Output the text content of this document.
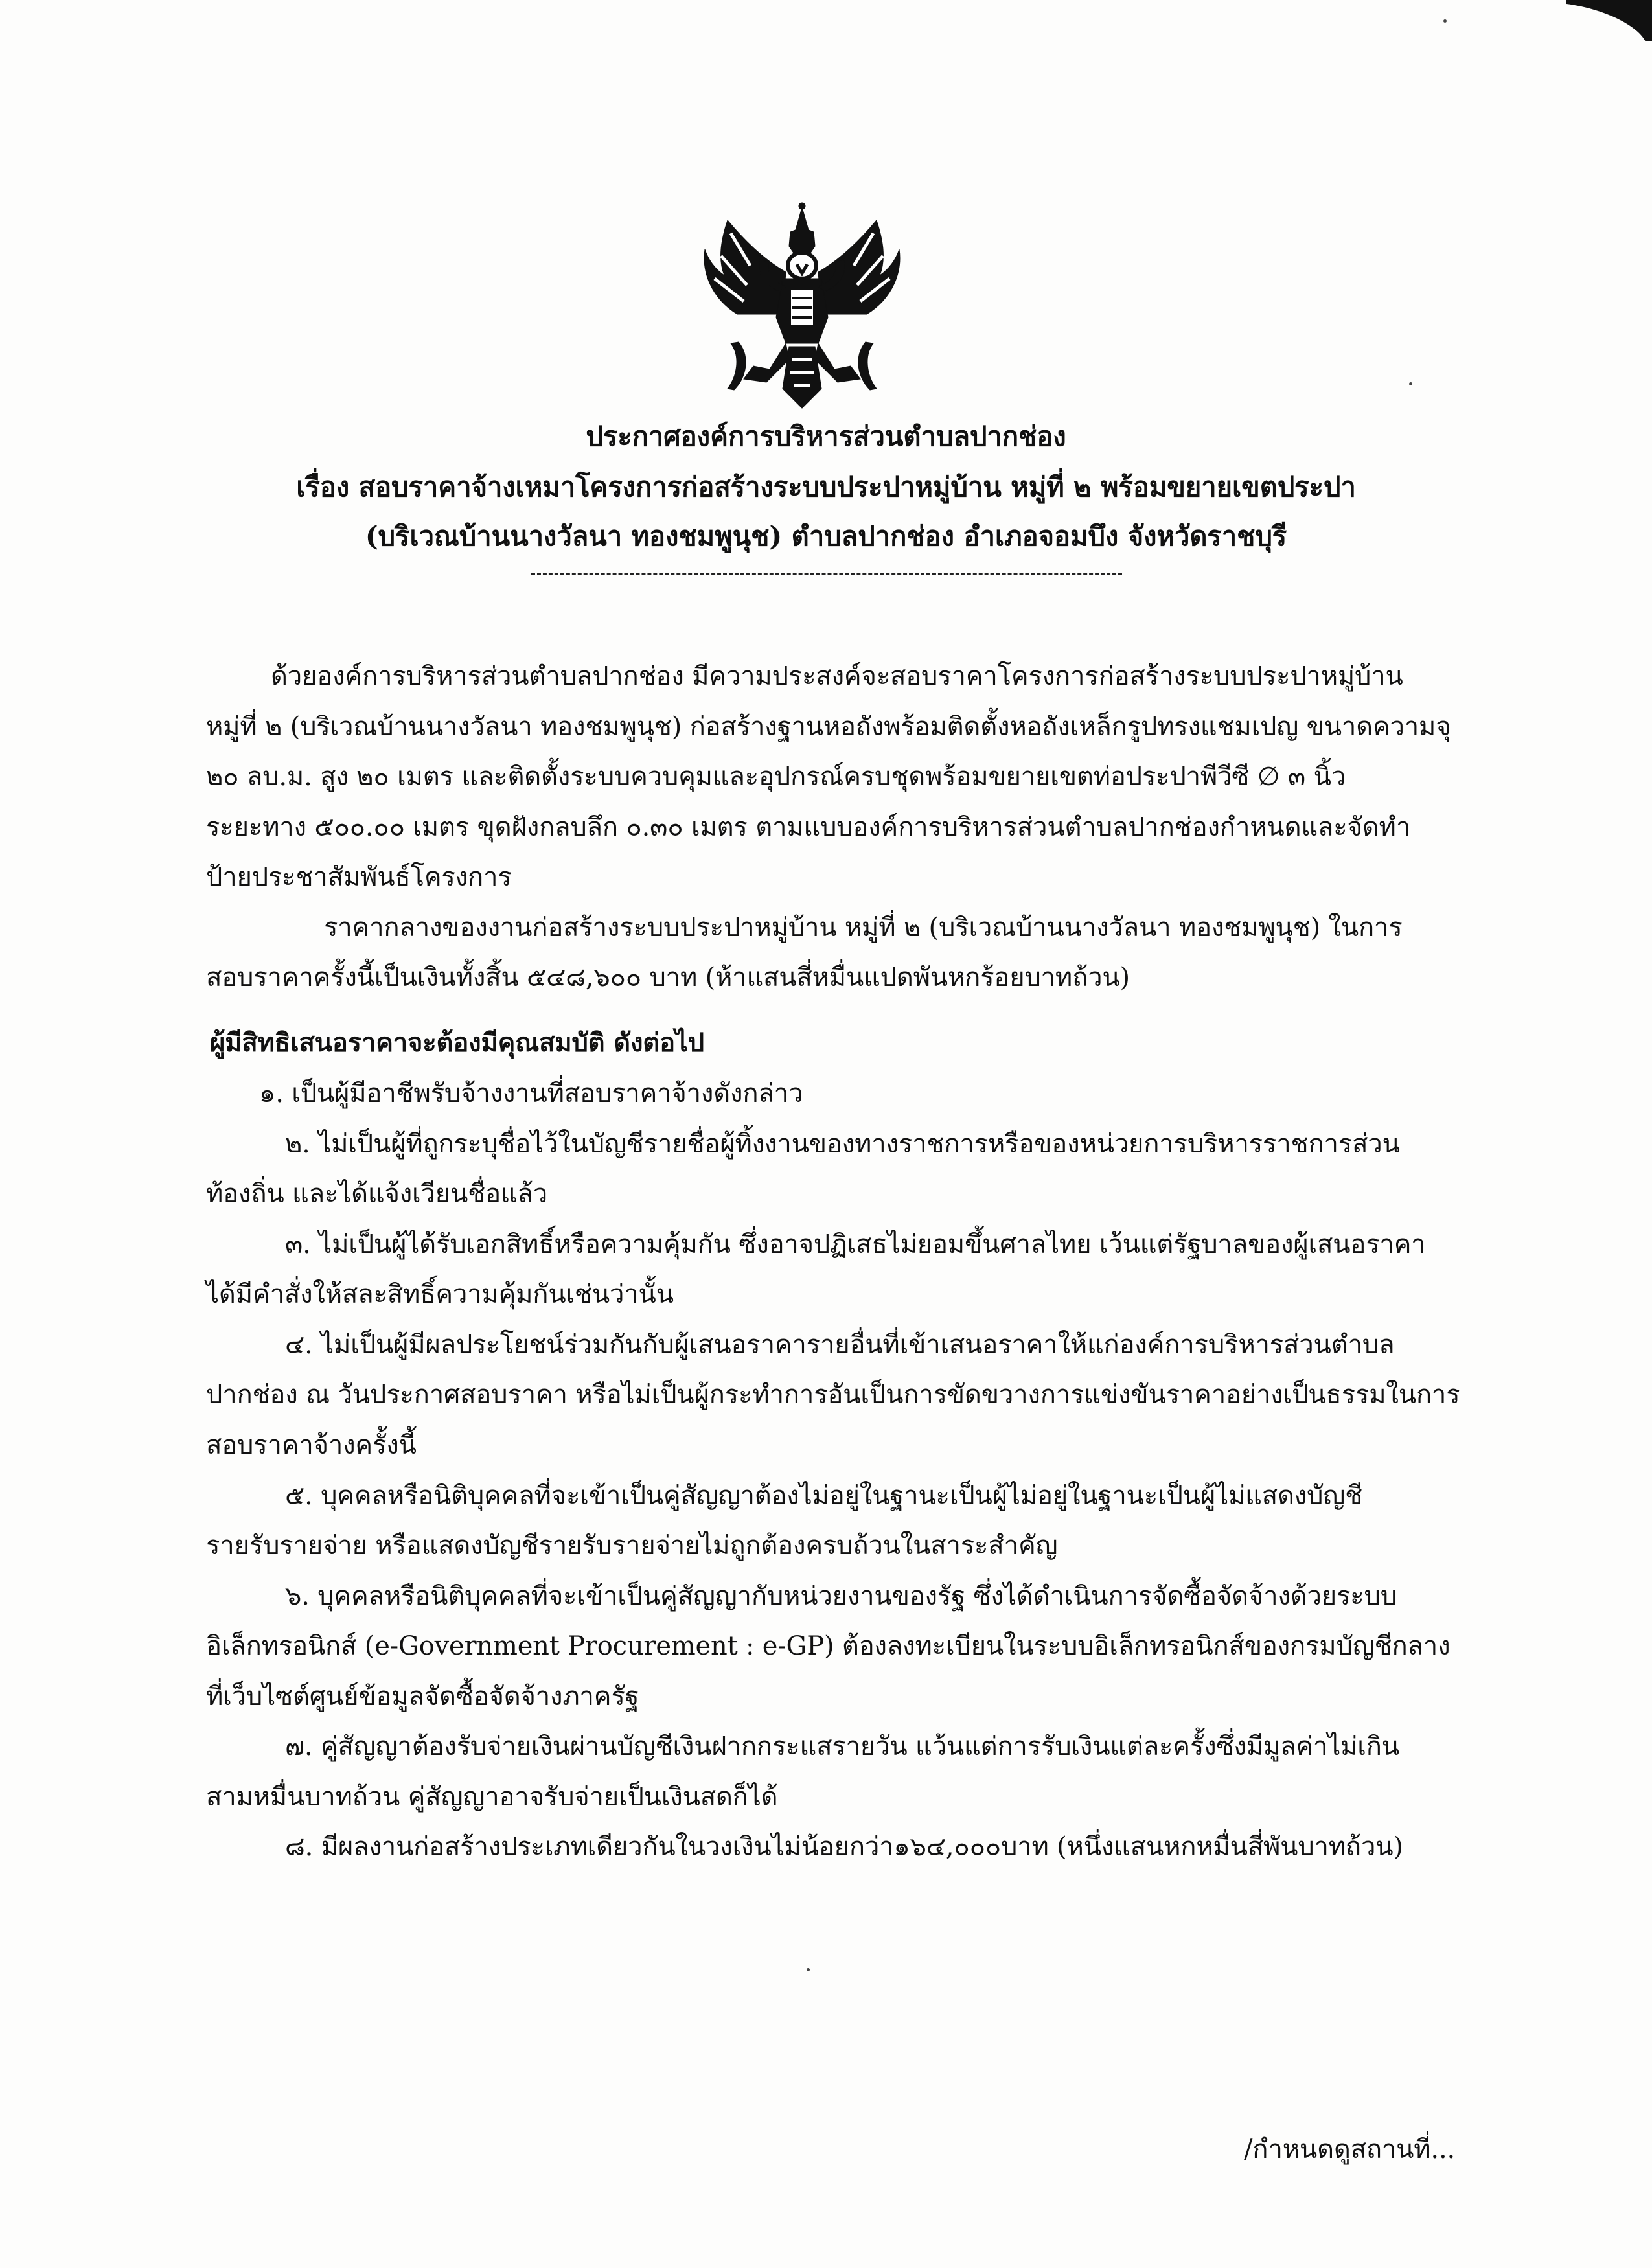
ประกาศองค์การบริหารส่วนตำบลปากช่อง
เรื่อง สอบราคาจ้างเหมาโครงการก่อสร้างระบบประปาหมู่บ้าน หมู่ที่ ๒ พร้อมขยายเขตประปา
(บริเวณบ้านนางวัลนา ทองชมพูนุช) ตำบลปากช่อง อำเภอจอมบึง จังหวัดราชบุรี
ด้วยองค์การบริหารส่วนตำบลปากช่อง มีความประสงค์จะสอบราคาโครงการก่อสร้างระบบประปาหมู่บ้าน
หมู่ที่ ๒ (บริเวณบ้านนางวัลนา ทองชมพูนุช) ก่อสร้างฐานหอถังพร้อมติดตั้งหอถังเหล็กรูปทรงแชมเปญ ขนาดความจุ
๒๐ ลบ.ม. สูง ๒๐ เมตร และติดตั้งระบบควบคุมและอุปกรณ์ครบชุดพร้อมขยายเขตท่อประปาพีวีซี ∅ ๓ นิ้ว
ระยะทาง ๕๐๐.๐๐ เมตร ขุดฝังกลบลึก ๐.๓๐ เมตร ตามแบบองค์การบริหารส่วนตำบลปากช่องกำหนดและจัดทำ
ป้ายประชาสัมพันธ์โครงการ
ราคากลางของงานก่อสร้างระบบประปาหมู่บ้าน หมู่ที่ ๒ (บริเวณบ้านนางวัลนา ทองชมพูนุช) ในการ
สอบราคาครั้งนี้เป็นเงินทั้งสิ้น ๕๔๘,๖๐๐ บาท (ห้าแสนสี่หมื่นแปดพันหกร้อยบาทถ้วน)
ผู้มีสิทธิเสนอราคาจะต้องมีคุณสมบัติ ดังต่อไป
๑. เป็นผู้มีอาชีพรับจ้างงานที่สอบราคาจ้างดังกล่าว
๒. ไม่เป็นผู้ที่ถูกระบุชื่อไว้ในบัญชีรายชื่อผู้ทิ้งงานของทางราชการหรือของหน่วยการบริหารราชการส่วน
ท้องถิ่น และได้แจ้งเวียนชื่อแล้ว
๓. ไม่เป็นผู้ได้รับเอกสิทธิ์หรือความคุ้มกัน ซึ่งอาจปฏิเสธไม่ยอมขึ้นศาลไทย เว้นแต่รัฐบาลของผู้เสนอราคา
ได้มีคำสั่งให้สละสิทธิ์ความคุ้มกันเช่นว่านั้น
๔. ไม่เป็นผู้มีผลประโยชน์ร่วมกันกับผู้เสนอราคารายอื่นที่เข้าเสนอราคาให้แก่องค์การบริหารส่วนตำบล
ปากช่อง ณ วันประกาศสอบราคา หรือไม่เป็นผู้กระทำการอันเป็นการขัดขวางการแข่งขันราคาอย่างเป็นธรรมในการ
สอบราคาจ้างครั้งนี้
๕. บุคคลหรือนิติบุคคลที่จะเข้าเป็นคู่สัญญาต้องไม่อยู่ในฐานะเป็นผู้ไม่อยู่ในฐานะเป็นผู้ไม่แสดงบัญชี
รายรับรายจ่าย หรือแสดงบัญชีรายรับรายจ่ายไม่ถูกต้องครบถ้วนในสาระสำคัญ
๖. บุคคลหรือนิติบุคคลที่จะเข้าเป็นคู่สัญญากับหน่วยงานของรัฐ ซึ่งได้ดำเนินการจัดซื้อจัดจ้างด้วยระบบ
อิเล็กทรอนิกส์ (e-Government Procurement : e-GP) ต้องลงทะเบียนในระบบอิเล็กทรอนิกส์ของกรมบัญชีกลาง
ที่เว็บไซต์ศูนย์ข้อมูลจัดซื้อจัดจ้างภาครัฐ
๗. คู่สัญญาต้องรับจ่ายเงินผ่านบัญชีเงินฝากกระแสรายวัน แว้นแต่การรับเงินแต่ละครั้งซึ่งมีมูลค่าไม่เกิน
สามหมื่นบาทถ้วน คู่สัญญาอาจรับจ่ายเป็นเงินสดก็ได้
๘. มีผลงานก่อสร้างประเภทเดียวกันในวงเงินไม่น้อยกว่า๑๖๔,๐๐๐บาท (หนึ่งแสนหกหมื่นสี่พันบาทถ้วน)
/กำหนดดูสถานที่...
